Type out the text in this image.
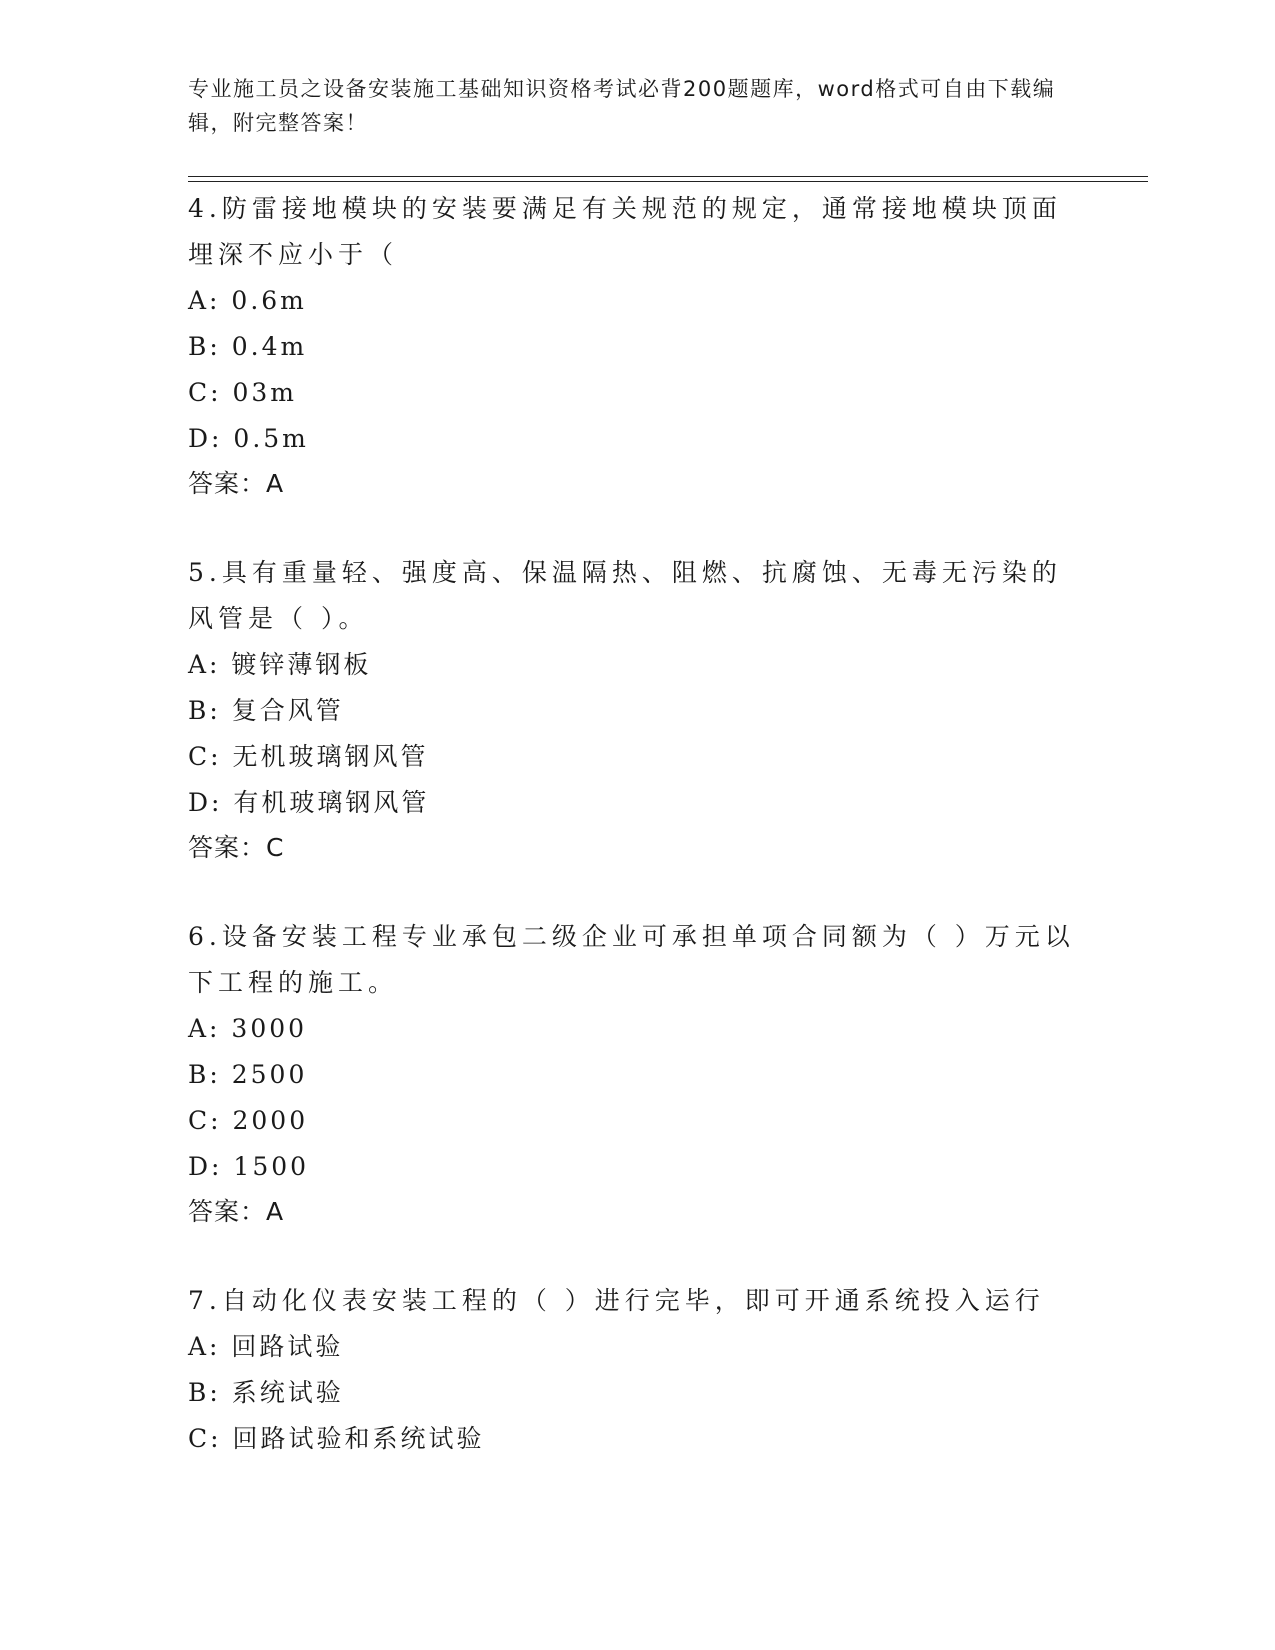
专业施工员之设备安装施工基础知识资格考试必背200题题库，word格式可自由下载编辑，附完整答案！

4.防雷接地模块的安装要满足有关规范的规定，通常接地模块顶面埋深不应小于（

A: 0.6m

B: 0.4m

C: 03m

D: 0.5m

答案：A

5.具有重量轻、强度高、保温隔热、阻燃、抗腐蚀、无毒无污染的风管是（ ）。

A: 镀锌薄钢板

B: 复合风管

C: 无机玻璃钢风管

D: 有机玻璃钢风管

答案：C

6.设备安装工程专业承包二级企业可承担单项合同额为（ ）万元以下工程的施工。

A: 3000

B: 2500

C: 2000

D: 1500

答案：A

7.自动化仪表安装工程的（ ）进行完毕，即可开通系统投入运行

A: 回路试验

B: 系统试验

C: 回路试验和系统试验
